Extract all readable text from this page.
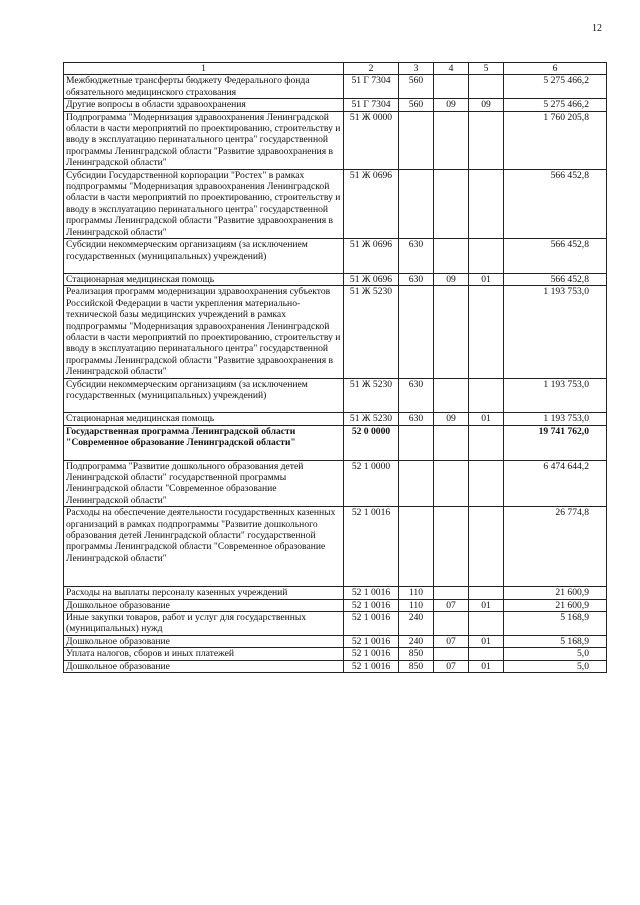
12
1	2	3	4	5	6
Межбюджетные трансферты бюджету Федерального фонда обязательного медицинского страхования	51 Г 7304	560			5 275 466,2
Другие вопросы в области здравоохранения	51 Г 7304	560	09	09	5 275 466,2
Подпрограмма "Модернизация здравоохранения Ленинградской области в части мероприятий по проектированию, строительству и вводу в эксплуатацию перинатального центра" государственной программы Ленинградской области "Развитие здравоохранения в Ленинградской области"	51 Ж 0000				1 760 205,8
Субсидии Государственной корпорации "Ростех" в рамках подпрограммы "Модернизация здравоохранения Ленинградской области в части мероприятий по проектированию, строительству и вводу в эксплуатацию перинатального центра" государственной программы Ленинградской области "Развитие здравоохранения в Ленинградской области"	51 Ж 0696				566 452,8
Субсидии некоммерческим организациям (за исключением государственных (муниципальных) учреждений)	51 Ж 0696	630			566 452,8
Стационарная медицинская помощь	51 Ж 0696	630	09	01	566 452,8
Реализация программ модернизации здравоохранения субъектов Российской Федерации в части укрепления материально-технической базы медицинских учреждений в рамках подпрограммы "Модернизация здравоохранения Ленинградской области в части мероприятий по проектированию, строительству и вводу в эксплуатацию перинатального центра" государственной программы Ленинградской области "Развитие здравоохранения в Ленинградской области"	51 Ж 5230				1 193 753,0
Субсидии некоммерческим организациям (за исключением государственных (муниципальных) учреждений)	51 Ж 5230	630			1 193 753,0
Стационарная медицинская помощь	51 Ж 5230	630	09	01	1 193 753,0
Государственная программа Ленинградской области "Современное образование Ленинградской области"	52 0 0000				19 741 762,0
Подпрограмма "Развитие дошкольного образования детей Ленинградской области" государственной программы Ленинградской области "Современное образование Ленинградской области"	52 1 0000				6 474 644,2
Расходы на обеспечение деятельности государственных казенных организаций в рамках подпрограммы "Развитие дошкольного образования детей Ленинградской области" государственной программы Ленинградской области "Современное образование Ленинградской области"	52 1 0016				26 774,8
Расходы на выплаты персоналу казенных учреждений	52 1 0016	110			21 600,9
Дошкольное образование	52 1 0016	110	07	01	21 600,9
Иные закупки товаров, работ и услуг для государственных (муниципальных) нужд	52 1 0016	240			5 168,9
Дошкольное образование	52 1 0016	240	07	01	5 168,9
Уплата налогов, сборов и иных платежей	52 1 0016	850			5,0
Дошкольное образование	52 1 0016	850	07	01	5,0
